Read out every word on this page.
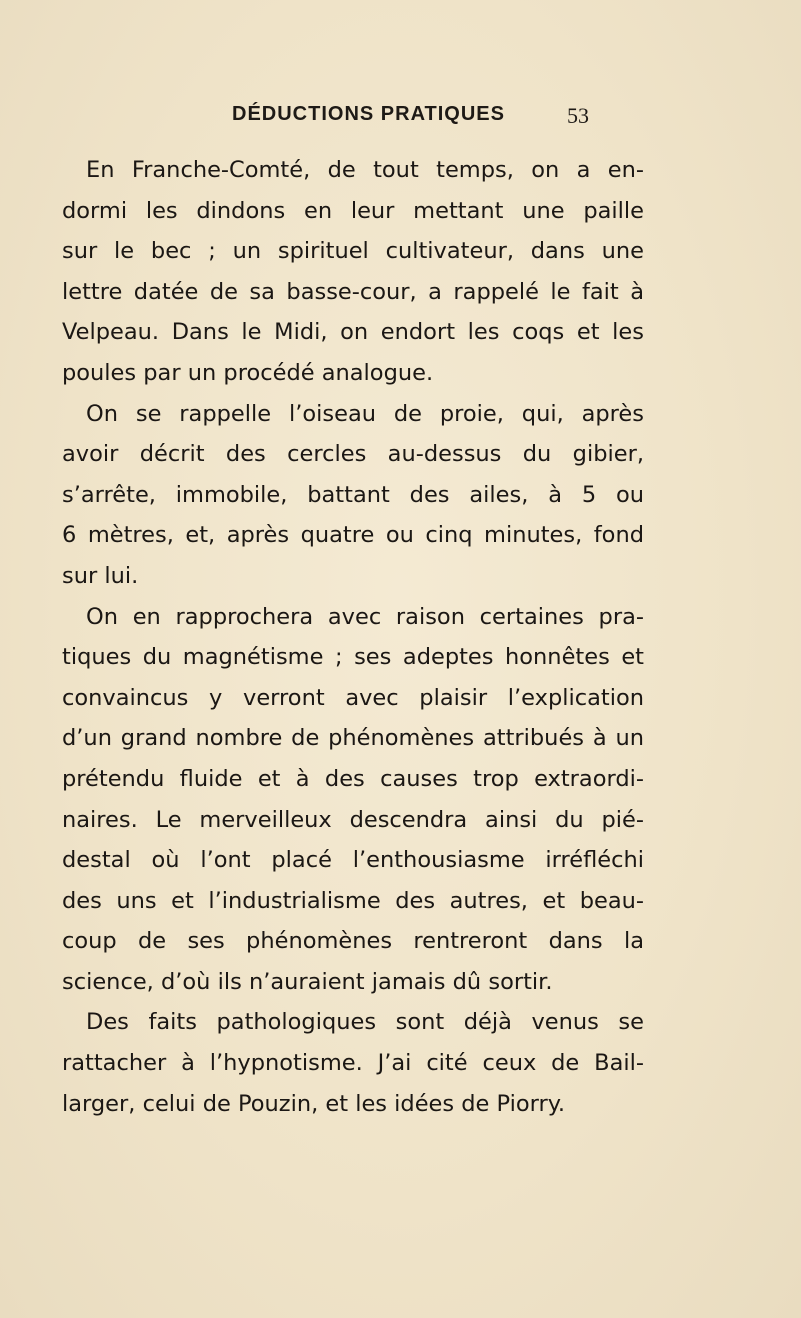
DÉDUCTIONS PRATIQUES	53
En Franche-Comté, de tout temps, on a en-
dormi les dindons en leur mettant une paille
sur le bec ; un spirituel cultivateur, dans une
lettre datée de sa basse-cour, a rappelé le fait à
Velpeau. Dans le Midi, on endort les coqs et les
poules par un procédé analogue.
On se rappelle l’oiseau de proie, qui, après
avoir décrit des cercles au-dessus du gibier,
s’arrête, immobile, battant des ailes, à 5 ou
6 mètres, et, après quatre ou cinq minutes, fond
sur lui.
On en rapprochera avec raison certaines pra-
tiques du magnétisme ; ses adeptes honnêtes et
convaincus y verront avec plaisir l’explication
d’un grand nombre de phénomènes attribués à un
prétendu fluide et à des causes trop extraordi-
naires. Le merveilleux descendra ainsi du pié-
destal où l’ont placé l’enthousiasme irréfléchi
des uns et l’industrialisme des autres, et beau-
coup de ses phénomènes rentreront dans la
science, d’où ils n’auraient jamais dû sortir.
Des faits pathologiques sont déjà venus se
rattacher à l’hypnotisme. J’ai cité ceux de Bail-
larger, celui de Pouzin, et les idées de Piorry.
